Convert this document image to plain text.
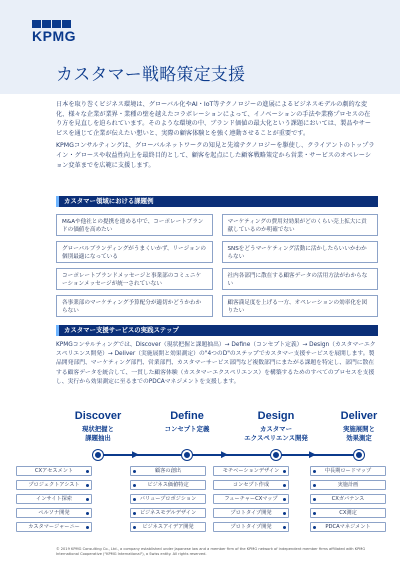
KPMG
カスタマー戦略策定支援

日本を取り巻くビジネス環境は、グローバル化やAI・IoT等テクノロジーの進展によるビジネスモデルの劇的な変化、様々な企業が業界・業種の壁を越えたコラボレーションによって、イノベーションの手法や業務プロセスの在り方を見直しを迫られています。そのような環境の中、ブランド価値の最大化という課題においては、製品やサービスを通じて企業が伝えたい想いと、実際の顧客体験とを強く連動させることが重要です。

KPMGコンサルティングは、グローバルネットワークの知見と先端テクノロジーを駆使し、クライアントのトップライン・グロースや収益性向上を最終目的として、顧客を起点にした顧客戦略策定から営業・サービスのオペレーション変革までを広範に支援します。

カスタマー領域における課題例
M&Aや他社との提携を進める中で、コーポレートブランドの価値を高めたい
マーケティングの費用対効果がどのくらい売上拡大に貢献しているのか明確でない
グローバルブランディングがうまくいかず、リージョンの個別最適になっている
SNSをどうマーケティング活動に活かしたらいいかわからない
コーポレートブランドメッセージと事業部のコミュニケーションメッセージが統一されていない
社内各部門に散在する顧客データの活用方法がわからない
各事業部のマーケティング予算配分が適切かどうかわからない
顧客満足度を上げる一方、オペレーションの効率化を図りたい
カスタマー支援サービスの実践ステップ

KPMGコンサルティングでは、Discover（現状把握と課題抽出）→ Define（コンセプト定義）→ Design（カスタマーエクスペリエンス開発）→ Deliver（実施展開と効果測定）の"4つのD"のステップでカスタマー支援サービスを展開します。製品開発部門、マーケティング部門、営業部門、カスタマーサービス部門など複数部門にまたがる課題を特定し、部門に散在する顧客データを統合して、一貫した顧客体験（カスタマーエクスペリエンス）を構築するためのすべてのプロセスを支援し、実行から効果測定に至るまでのPDCAマネジメントを支援します。

Discover	Define	Design	Deliver
現状把握と
課題抽出
コンセプト定義	カスタマー
エクスペリエンス開発
実施展開と
効果測定
▶	▶	▶
CXアセスメント
プロジェクトアシスト
インサイト探索
ペルソナ開発
カスタマージャーニー
顧客の創出
ビジネス価値特定
バリュープロポジション
ビジネスモデルデザイン
ビジネスアイデア開発
モチベーションデザイン
コンセプト作成
フューチャーCXマップ
プロトタイプ開発
プロトタイプ開発
中長期ロードマップ
実施計画
CXガバナンス
CX測定
PDCAマネジメント

© 2019 KPMG Consulting Co., Ltd., a company established under Japanese law and a member firm of the KPMG network of independent member firms affiliated with KPMG International Cooperative ("KPMG International"), a Swiss entity. All rights reserved.
